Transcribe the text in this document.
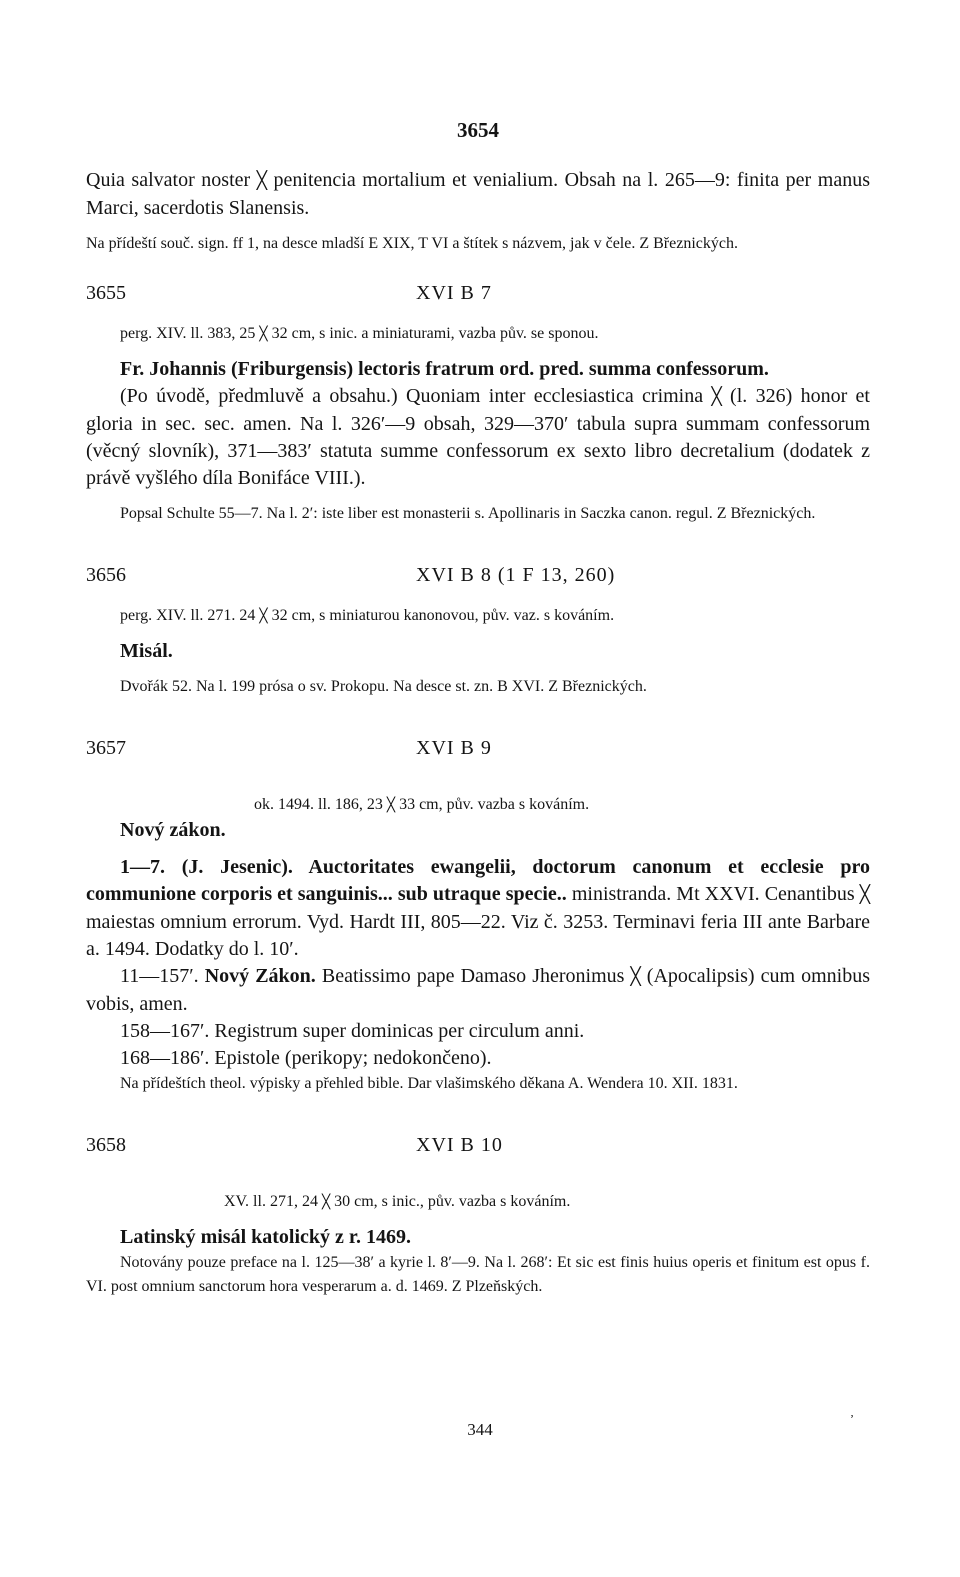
3654

Quia salvator noster ╳ penitencia mortalium et venialium. Obsah na l. 265—9: finita per manus Marci, sacerdotis Slanensis.

Na přídeští souč. sign. ff 1, na desce mladší E XIX, T VI a štítek s názvem, jak v čele. Z Březnických.

3655	XVI B 7

perg. XIV. ll. 383, 25 ╳ 32 cm, s inic. a miniaturami, vazba pův. se sponou.

Fr. Johannis (Friburgensis) lectoris fratrum ord. pred. summa confessorum.

(Po úvodě, předmluvě a obsahu.) Quoniam inter ecclesiastica crimina ╳ (l. 326) honor et gloria in sec. sec. amen. Na l. 326′—9 obsah, 329—370′ tabula supra summam confessorum (věcný slovník), 371—383′ statuta summe confessorum ex sexto libro decretalium (dodatek z právě vyšlého díla Bonifáce VIII.).

Popsal Schulte 55—7. Na l. 2′: iste liber est monasterii s. Apollinaris in Saczka canon. regul. Z Březnických.

3656	XVI B 8 (1 F 13, 260)

perg. XIV. ll. 271. 24 ╳ 32 cm, s miniaturou kanonovou, pův. vaz. s kováním.

Misál.

Dvořák 52. Na l. 199 prósa o sv. Prokopu. Na desce st. zn. B XVI. Z Březnických.

3657	XVI B 9

ok. 1494. ll. 186, 23 ╳ 33 cm, pův. vazba s kováním.

Nový zákon.

1—7. (J. Jesenic). Auctoritates ewangelii, doctorum canonum et ecclesie pro communione corporis et sanguinis... sub utraque specie.. ministranda. Mt XXVI. Cenantibus ╳ maiestas omnium errorum. Vyd. Hardt III, 805—22. Viz č. 3253. Terminavi feria III ante Barbare a. 1494. Dodatky do l. 10′.

11—157′. Nový Zákon. Beatissimo pape Damaso Jheronimus ╳ (Apocalipsis) cum omnibus vobis, amen.

158—167′. Registrum super dominicas per circulum anni.

168—186′. Epistole (perikopy; nedokončeno).

Na přídeštích theol. výpisky a přehled bible. Dar vlašimského děkana A. Wendera 10. XII. 1831.

3658	XVI B 10

XV. ll. 271, 24 ╳ 30 cm, s inic., pův. vazba s kováním.

Latinský misál katolický z r. 1469.

Notovány pouze preface na l. 125—38′ a kyrie l. 8′—9. Na l. 268′: Et sic est finis huius operis et finitum est opus f. VI. post omnium sanctorum hora vesperarum a. d. 1469. Z Plzeňských.

344
ʼ
